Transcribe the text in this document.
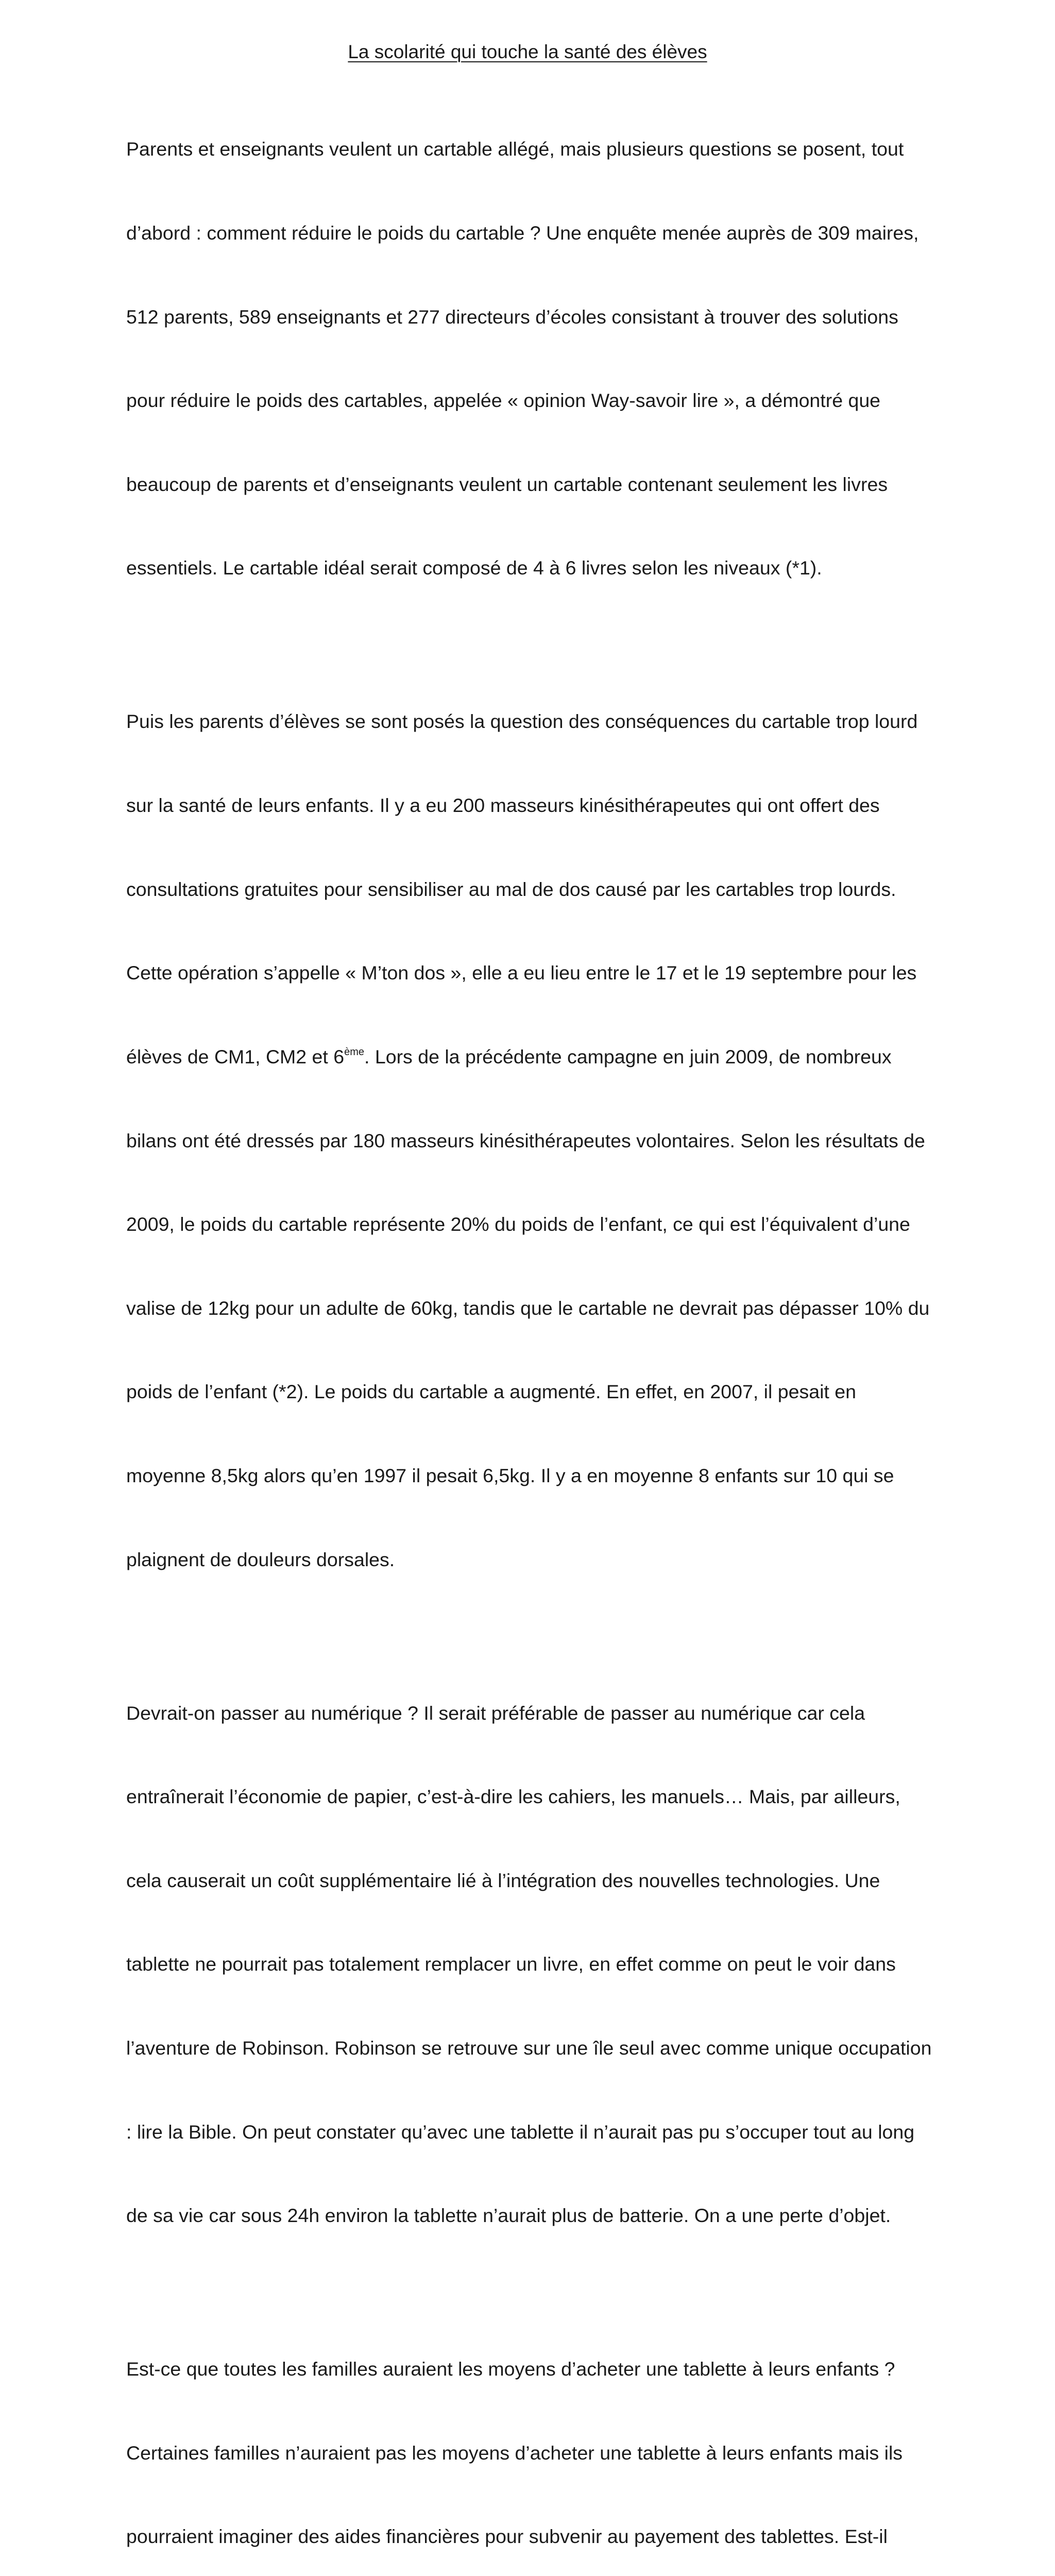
La scolarité qui touche la santé des élèves

Parents et enseignants veulent un cartable allégé, mais plusieurs questions se posent, tout

d’abord : comment réduire le poids du cartable ? Une enquête menée auprès de 309 maires,

512 parents, 589 enseignants et 277 directeurs d’écoles consistant à trouver des solutions

pour réduire le poids des cartables, appelée « opinion Way-savoir lire », a démontré que

beaucoup de parents et d’enseignants veulent un cartable contenant seulement les livres

essentiels. Le cartable idéal serait composé de 4 à 6 livres selon les niveaux (*1).

Puis les parents d’élèves se sont posés la question des conséquences du cartable trop lourd

sur la santé de leurs enfants. Il y a eu 200 masseurs kinésithérapeutes qui ont offert des

consultations gratuites pour sensibiliser au mal de dos causé par les cartables trop lourds.

Cette opération s’appelle « M’ton dos », elle a eu lieu entre le 17 et le 19 septembre pour les

élèves de CM1, CM2 et 6ème. Lors de la précédente campagne en juin 2009, de nombreux

bilans ont été dressés par 180 masseurs kinésithérapeutes volontaires. Selon les résultats de

2009, le poids du cartable représente 20% du poids de l’enfant, ce qui est l’équivalent d’une

valise de 12kg pour un adulte de 60kg, tandis que le cartable ne devrait pas dépasser 10% du

poids de l’enfant (*2). Le poids du cartable a augmenté. En effet, en 2007, il pesait en

moyenne 8,5kg alors qu’en 1997 il pesait 6,5kg. Il y a en moyenne 8 enfants sur 10 qui se

plaignent de douleurs dorsales.

Devrait-on passer au numérique ? Il serait préférable de passer au numérique car cela

entraînerait l’économie de papier, c’est-à-dire les cahiers, les manuels… Mais, par ailleurs,

cela causerait un coût supplémentaire lié à l’intégration des nouvelles technologies. Une

tablette ne pourrait pas totalement remplacer un livre, en effet comme on peut le voir dans

l’aventure de Robinson. Robinson se retrouve sur une île seul avec comme unique occupation

: lire la Bible. On peut constater qu’avec une tablette il n’aurait pas pu s’occuper tout au long

de sa vie car sous 24h environ la tablette n’aurait plus de batterie. On a une perte d’objet.

Est-ce que toutes les familles auraient les moyens d’acheter une tablette à leurs enfants ?

Certaines familles n’auraient pas les moyens d’acheter une tablette à leurs enfants mais ils

pourraient imaginer des aides financières pour subvenir au payement des tablettes. Est-il
